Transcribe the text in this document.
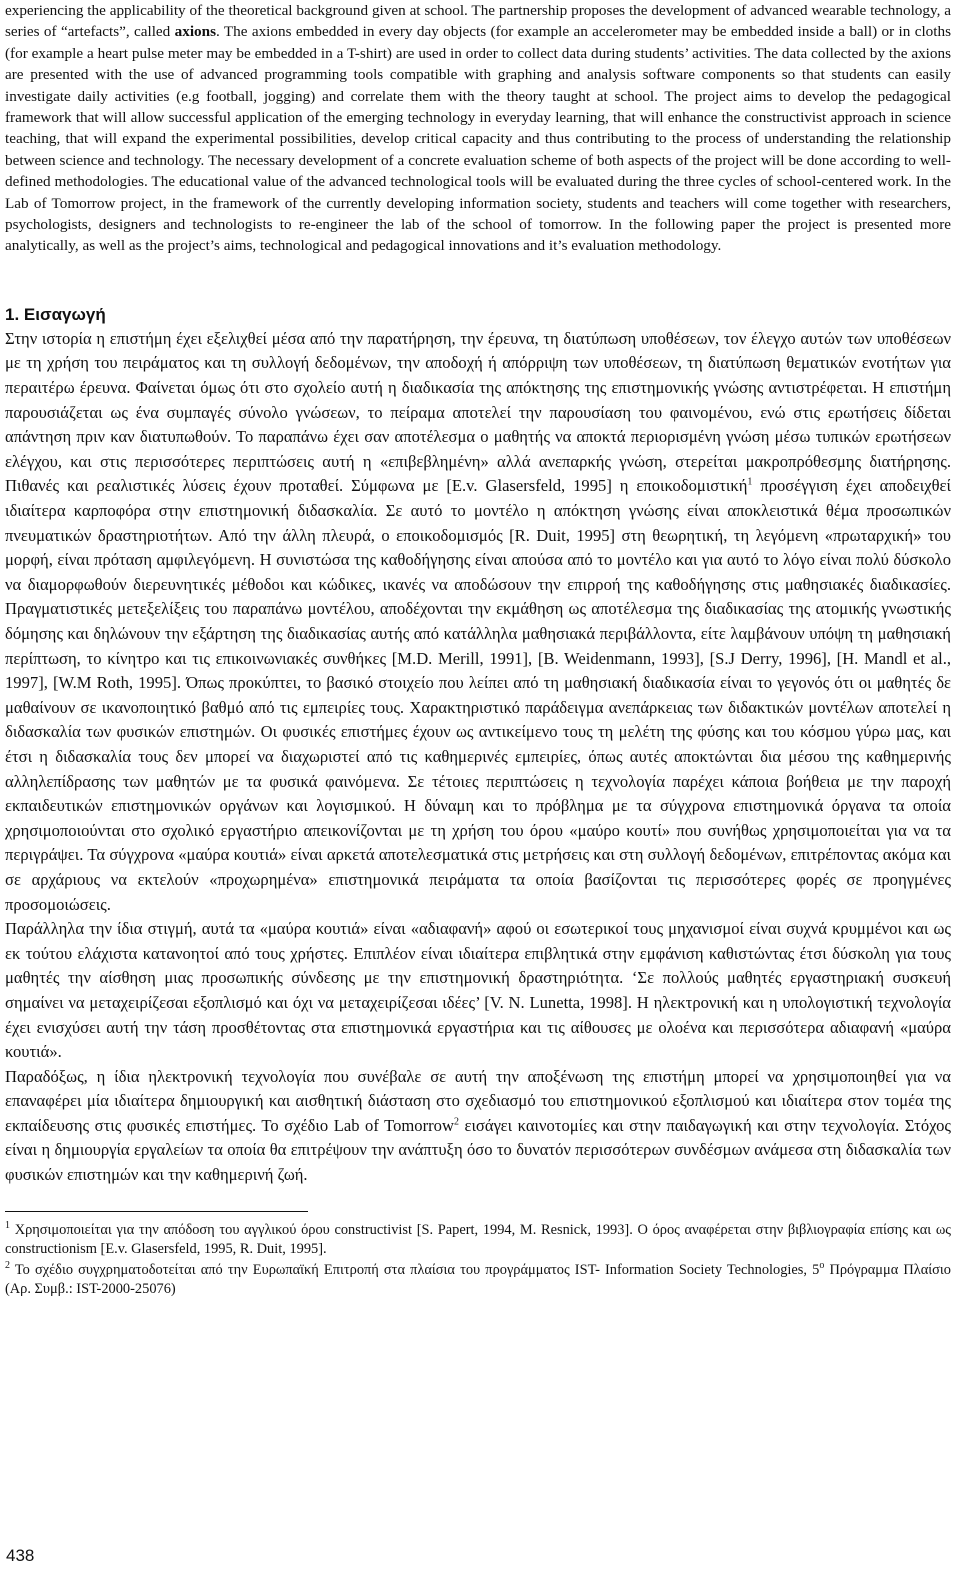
experiencing the applicability of the theoretical background given at school. The partnership proposes the development of advanced wearable technology, a series of “artefacts”, called axions. The axions embedded in every day objects (for example an accelerometer may be embedded inside a ball) or in cloths (for example a heart pulse meter may be embedded in a T-shirt) are used in order to collect data during students’ activities. The data collected by the axions are presented with the use of advanced programming tools compatible with graphing and analysis software components so that students can easily investigate daily activities (e.g football, jogging) and correlate them with the theory taught at school. The project aims to develop the pedagogical framework that will allow successful application of the emerging technology in everyday learning, that will enhance the constructivist approach in science teaching, that will expand the experimental possibilities, develop critical capacity and thus contributing to the process of understanding the relationship between science and technology. The necessary development of a concrete evaluation scheme of both aspects of the project will be done according to well-defined methodologies. The educational value of the advanced technological tools will be evaluated during the three cycles of school-centered work. In the Lab of Tomorrow project, in the framework of the currently developing information society, students and teachers will come together with researchers, psychologists, designers and technologists to re-engineer the lab of the school of tomorrow. In the following paper the project is presented more analytically, as well as the project’s aims, technological and pedagogical innovations and it’s evaluation methodology.

1. Εισαγωγή

Στην ιστορία η επιστήμη έχει εξελιχθεί μέσα από την παρατήρηση, την έρευνα, τη διατύπωση υποθέσεων, τον έλεγχο αυτών των υποθέσεων με τη χρήση του πειράματος και τη συλλογή δεδομένων, την αποδοχή ή απόρριψη των υποθέσεων, τη διατύπωση θεματικών ενοτήτων για περαιτέρω έρευνα. Φαίνεται όμως ότι στο σχολείο αυτή η διαδικασία της απόκτησης της επιστημονικής γνώσης αντιστρέφεται. Η επιστήμη παρουσιάζεται ως ένα συμπαγές σύνολο γνώσεων, το πείραμα αποτελεί την παρουσίαση του φαινομένου, ενώ στις ερωτήσεις δίδεται απάντηση πριν καν διατυπωθούν. Το παραπάνω έχει σαν αποτέλεσμα ο μαθητής να αποκτά περιορισμένη γνώση μέσω τυπικών ερωτήσεων ελέγχου, και στις περισσότερες περιπτώσεις αυτή η «επιβεβλημένη» αλλά ανεπαρκής γνώση, στερείται μακροπρόθεσμης διατήρησης. Πιθανές και ρεαλιστικές λύσεις έχουν προταθεί. Σύμφωνα με [E.v. Glasersfeld, 1995] η εποικοδομιστική$^1$ προσέγγιση έχει αποδειχθεί ιδιαίτερα καρποφόρα στην επιστημονική διδασκαλία. Σε αυτό το μοντέλο η απόκτηση γνώσης είναι αποκλειστικά θέμα προσωπικών πνευματικών δραστηριοτήτων. Από την άλλη πλευρά, ο εποικοδομισμός [R. Duit, 1995] στη θεωρητική, τη λεγόμενη «πρωταρχική» του μορφή, είναι πρόταση αμφιλεγόμενη. Η συνιστώσα της καθοδήγησης είναι απούσα από το μοντέλο και για αυτό το λόγο είναι πολύ δύσκολο να διαμορφωθούν διερευνητικές μέθοδοι και κώδικες, ικανές να αποδώσουν την επιρροή της καθοδήγησης στις μαθησιακές διαδικασίες. Πραγματιστικές μετεξελίξεις του παραπάνω μοντέλου, αποδέχονται την εκμάθηση ως αποτέλεσμα της διαδικασίας της ατομικής γνωστικής δόμησης και δηλώνουν την εξάρτηση της διαδικασίας αυτής από κατάλληλα μαθησιακά περιβάλλοντα, είτε λαμβάνουν υπόψη τη μαθησιακή περίπτωση, το κίνητρο και τις επικοινωνιακές συνθήκες [M.D. Merill, 1991], [B. Weidenmann, 1993], [S.J Derry, 1996], [H. Mandl et al., 1997], [W.M Roth, 1995]. Όπως προκύπτει, το βασικό στοιχείο που λείπει από τη μαθησιακή διαδικασία είναι το γεγονός ότι οι μαθητές δε μαθαίνουν σε ικανοποιητικό βαθμό από τις εμπειρίες τους. Χαρακτηριστικό παράδειγμα ανεπάρκειας των διδακτικών μοντέλων αποτελεί η διδασκαλία των φυσικών επιστημών. Οι φυσικές επιστήμες έχουν ως αντικείμενο τους τη μελέτη της φύσης και του κόσμου γύρω μας, και έτσι η διδασκαλία τους δεν μπορεί να διαχωριστεί από τις καθημερινές εμπειρίες, όπως αυτές αποκτώνται δια μέσου της καθημερινής αλληλεπίδρασης των μαθητών με τα φυσικά φαινόμενα. Σε τέτοιες περιπτώσεις η τεχνολογία παρέχει κάποια βοήθεια με την παροχή εκπαιδευτικών επιστημονικών οργάνων και λογισμικού. Η δύναμη και το πρόβλημα με τα σύγχρονα επιστημονικά όργανα τα οποία χρησιμοποιούνται στο σχολικό εργαστήριο απεικονίζονται με τη χρήση του όρου «μαύρο κουτί» που συνήθως χρησιμοποιείται για να τα περιγράψει. Τα σύγχρονα «μαύρα κουτιά» είναι αρκετά αποτελεσματικά στις μετρήσεις και στη συλλογή δεδομένων, επιτρέποντας ακόμα και σε αρχάριους να εκτελούν «προχωρημένα» επιστημονικά πειράματα τα οποία βασίζονται τις περισσότερες φορές σε προηγμένες προσομοιώσεις.

Παράλληλα την ίδια στιγμή, αυτά τα «μαύρα κουτιά» είναι «αδιαφανή» αφού οι εσωτερικοί τους μηχανισμοί είναι συχνά κρυμμένοι και ως εκ τούτου ελάχιστα κατανοητοί από τους χρήστες. Επιπλέον είναι ιδιαίτερα επιβλητικά στην εμφάνιση καθιστώντας έτσι δύσκολη για τους μαθητές την αίσθηση μιας προσωπικής σύνδεσης με την επιστημονική δραστηριότητα. ‘Σε πολλούς μαθητές εργαστηριακή συσκευή σημαίνει να μεταχειρίζεσαι εξοπλισμό και όχι να μεταχειρίζεσαι ιδέες’ [V. N. Lunetta, 1998]. Η ηλεκτρονική και η υπολογιστική τεχνολογία έχει ενισχύσει αυτή την τάση προσθέτοντας στα επιστημονικά εργαστήρια και τις αίθουσες με ολοένα και περισσότερα αδιαφανή «μαύρα κουτιά».

Παραδόξως, η ίδια ηλεκτρονική τεχνολογία που συνέβαλε σε αυτή την αποξένωση της επιστήμη μπορεί να χρησιμοποιηθεί για να επαναφέρει μία ιδιαίτερα δημιουργική και αισθητική διάσταση στο σχεδιασμό του επιστημονικού εξοπλισμού και ιδιαίτερα στον τομέα της εκπαίδευσης στις φυσικές επιστήμες. Το σχέδιο Lab of Tomorrow$^2$ εισάγει καινοτομίες και στην παιδαγωγική και στην τεχνολογία. Στόχος είναι η δημιουργία εργαλείων τα οποία θα επιτρέψουν την ανάπτυξη όσο το δυνατόν περισσότερων συνδέσμων ανάμεσα στη διδασκαλία των φυσικών επιστημών και την καθημερινή ζωή.

$^1$ Χρησιμοποιείται για την απόδοση του αγγλικού όρου constructivist [S. Papert, 1994, M. Resnick, 1993]. Ο όρος αναφέρεται στην βιβλιογραφία επίσης και ως constructionism [E.v. Glasersfeld, 1995, R. Duit, 1995].

$^2$ Το σχέδιο συγχρηματοδοτείται από την Ευρωπαϊκή Επιτροπή στα πλαίσια του προγράμματος IST- Information Society Technologies, $5^o$ Πρόγραμμα Πλαίσιο (Αρ. Συμβ.: IST-2000-25076)

438
